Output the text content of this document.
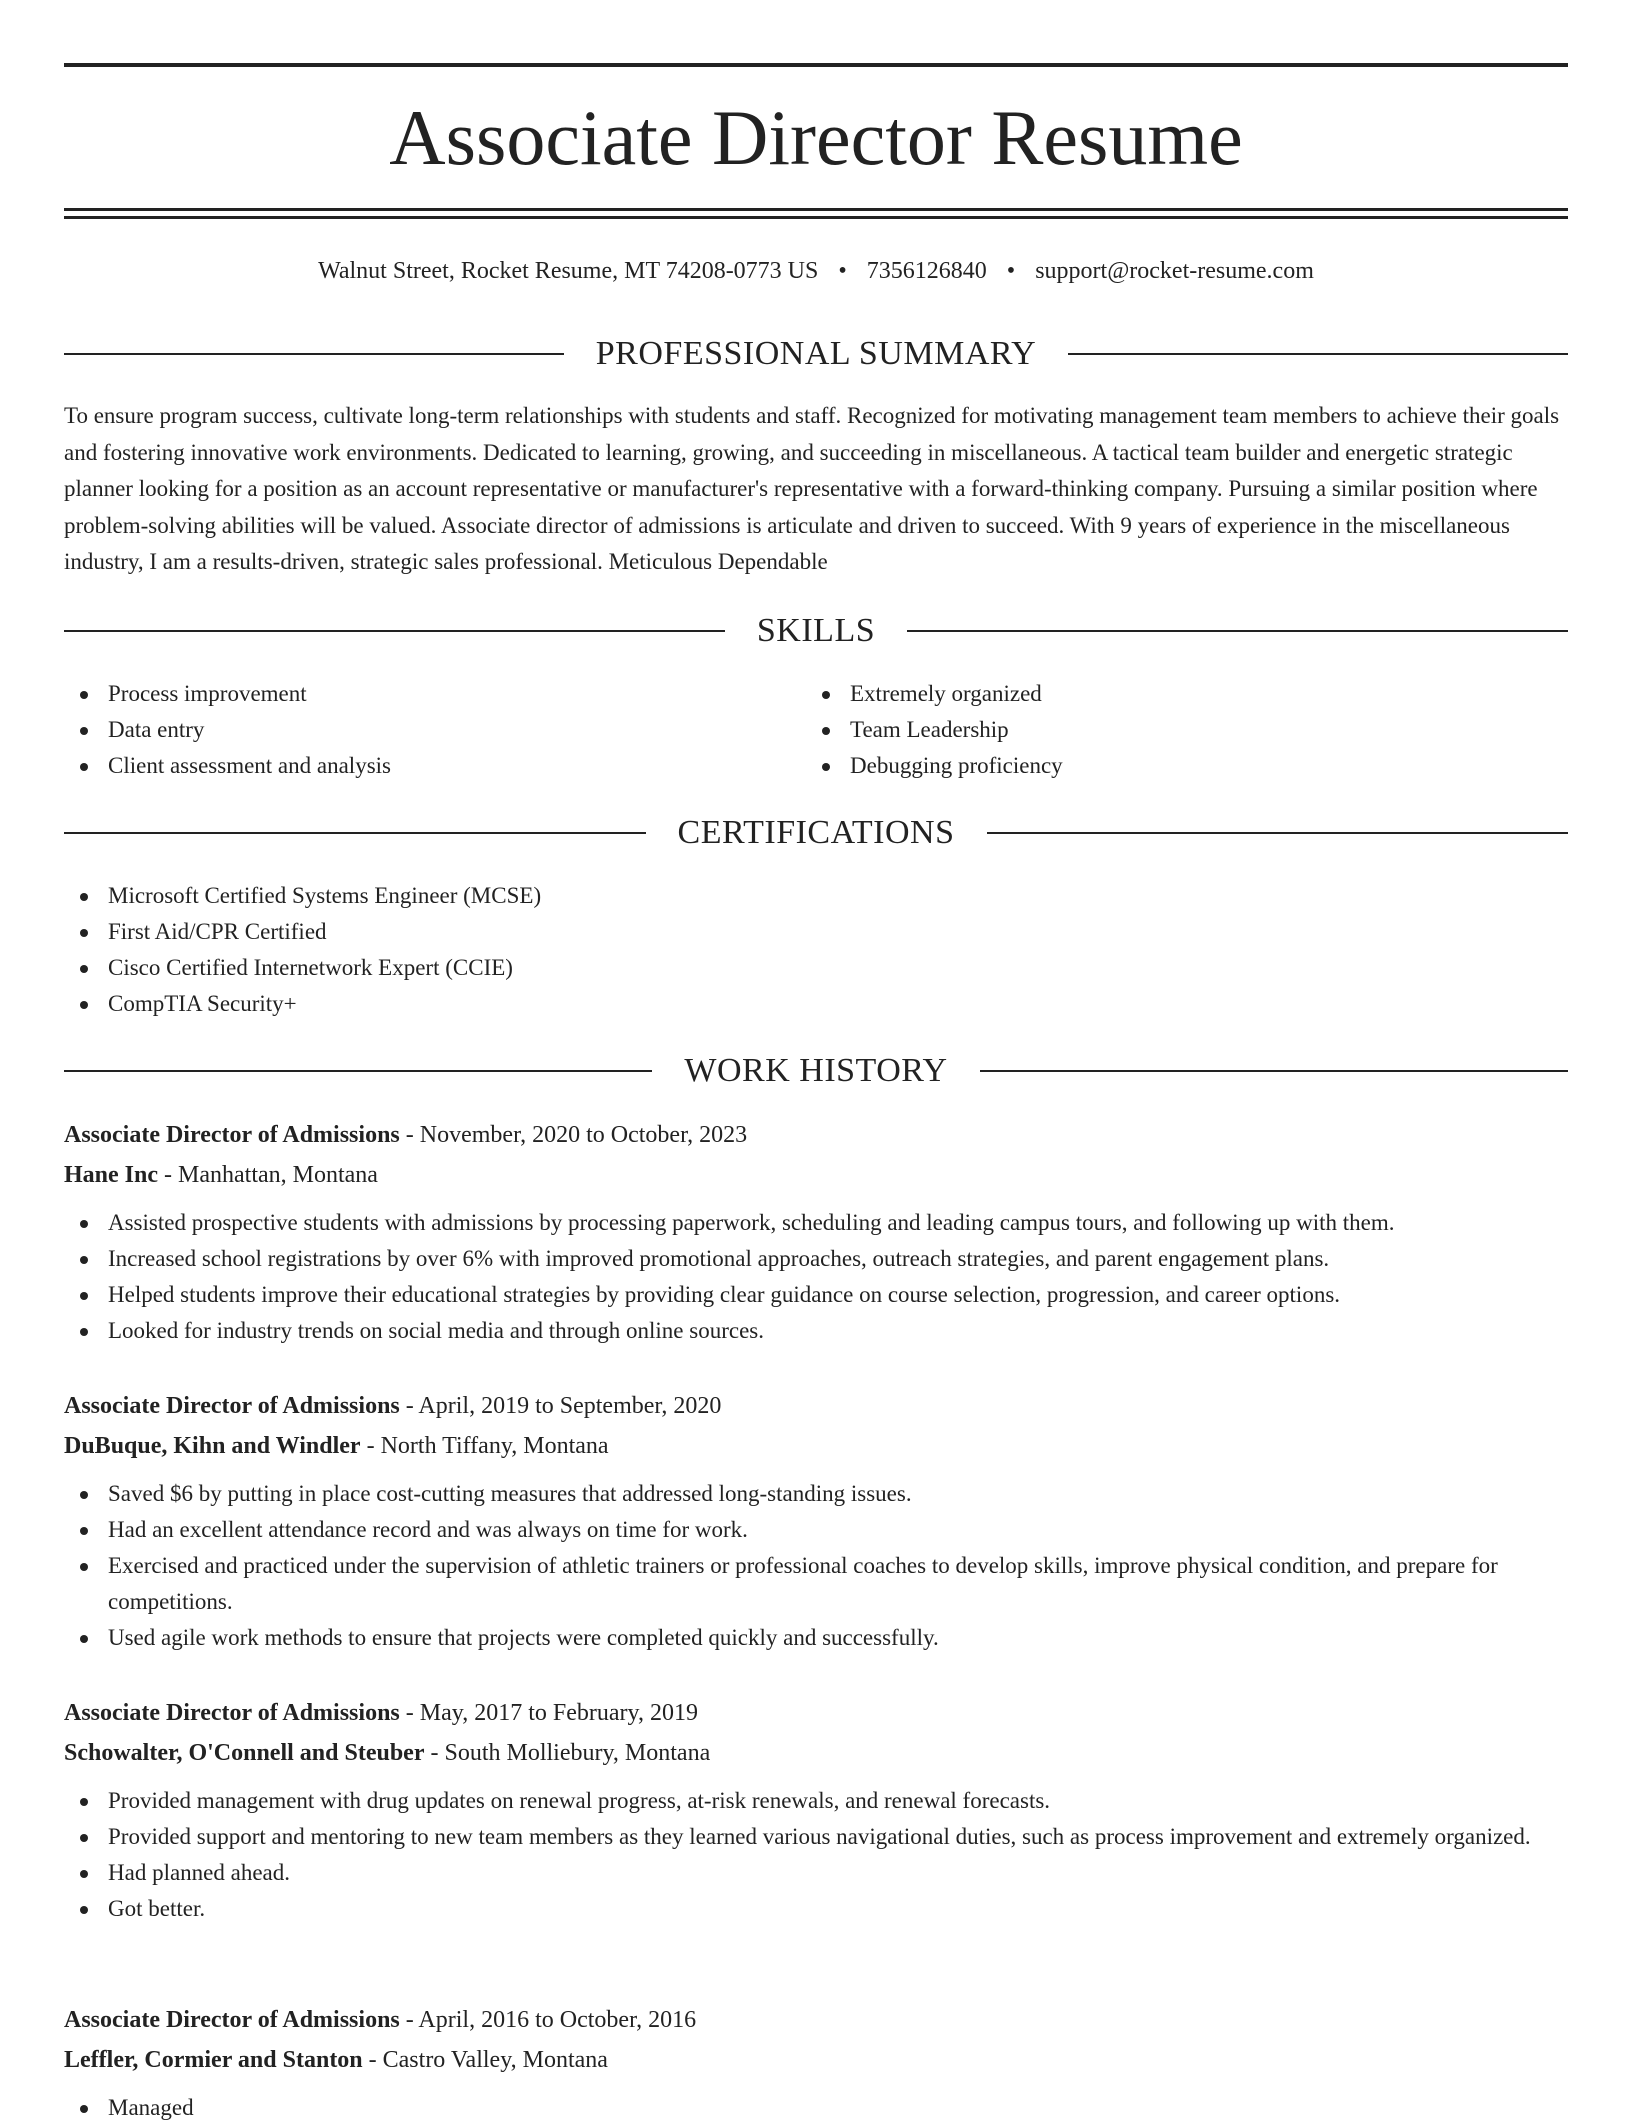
Associate Director Resume
Walnut Street, Rocket Resume, MT 74208-0773 US • 7356126840 • support@rocket-resume.com
PROFESSIONAL SUMMARY

To ensure program success, cultivate long-term relationships with students and staff. Recognized for motivating management team members to achieve their goals and fostering innovative work environments. Dedicated to learning, growing, and succeeding in miscellaneous. A tactical team builder and energetic strategic planner looking for a position as an account representative or manufacturer's representative with a forward-thinking company. Pursuing a similar position where problem-solving abilities will be valued. Associate director of admissions is articulate and driven to succeed. With 9 years of experience in the miscellaneous industry, I am a results-driven, strategic sales professional. Meticulous Dependable

SKILLS
Process improvement
Data entry
Client assessment and analysis
Extremely organized
Team Leadership
Debugging proficiency
CERTIFICATIONS
Microsoft Certified Systems Engineer (MCSE)
First Aid/CPR Certified
Cisco Certified Internetwork Expert (CCIE)
CompTIA Security+
WORK HISTORY
Associate Director of Admissions - November, 2020 to October, 2023
Hane Inc - Manhattan, Montana
Assisted prospective students with admissions by processing paperwork, scheduling and leading campus tours, and following up with them.
Increased school registrations by over 6% with improved promotional approaches, outreach strategies, and parent engagement plans.
Helped students improve their educational strategies by providing clear guidance on course selection, progression, and career options.
Looked for industry trends on social media and through online sources.
Associate Director of Admissions - April, 2019 to September, 2020
DuBuque, Kihn and Windler - North Tiffany, Montana
Saved $6 by putting in place cost-cutting measures that addressed long-standing issues.
Had an excellent attendance record and was always on time for work.
Exercised and practiced under the supervision of athletic trainers or professional coaches to develop skills, improve physical condition, and prepare for competitions.
Used agile work methods to ensure that projects were completed quickly and successfully.
Associate Director of Admissions - May, 2017 to February, 2019
Schowalter, O'Connell and Steuber - South Molliebury, Montana
Provided management with drug updates on renewal progress, at-risk renewals, and renewal forecasts.
Provided support and mentoring to new team members as they learned various navigational duties, such as process improvement and extremely organized.
Had planned ahead.
Got better.
Associate Director of Admissions - April, 2016 to October, 2016
Leffler, Cormier and Stanton - Castro Valley, Montana
Managed
